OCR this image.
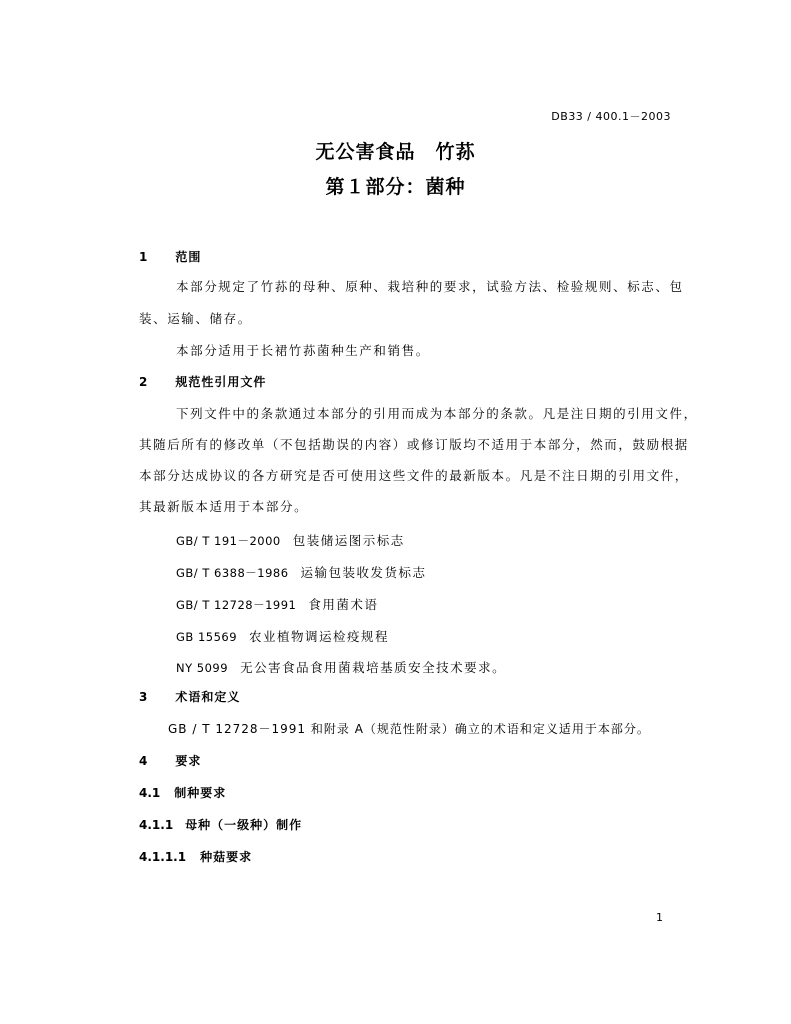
DB33 / 400.1－2003
无公害食品　竹荪
第１部分：菌种
1 范围
本部分规定了竹荪的母种、原种、栽培种的要求，试验方法、检验规则、标志、包
装、运输、储存。
本部分适用于长裙竹荪菌种生产和销售。
2 规范性引用文件
下列文件中的条款通过本部分的引用而成为本部分的条款。凡是注日期的引用文件，
其随后所有的修改单（不包括勘误的内容）或修订版均不适用于本部分，然而，鼓励根据
本部分达成协议的各方研究是否可使用这些文件的最新版本。凡是不注日期的引用文件，
其最新版本适用于本部分。
GB/ T 191－2000 包装储运图示标志
GB/ T 6388－1986 运输包装收发货标志
GB/ T 12728－1991 食用菌术语
GB 15569 农业植物调运检疫规程
NY 5099 无公害食品食用菌栽培基质安全技术要求。
3 术语和定义
GB / T 12728－1991 和附录 A（规范性附录）确立的术语和定义适用于本部分。
4 要求
4.1 制种要求
4.1.1 母种（一级种）制作
4.1.1.1 种菇要求
1
